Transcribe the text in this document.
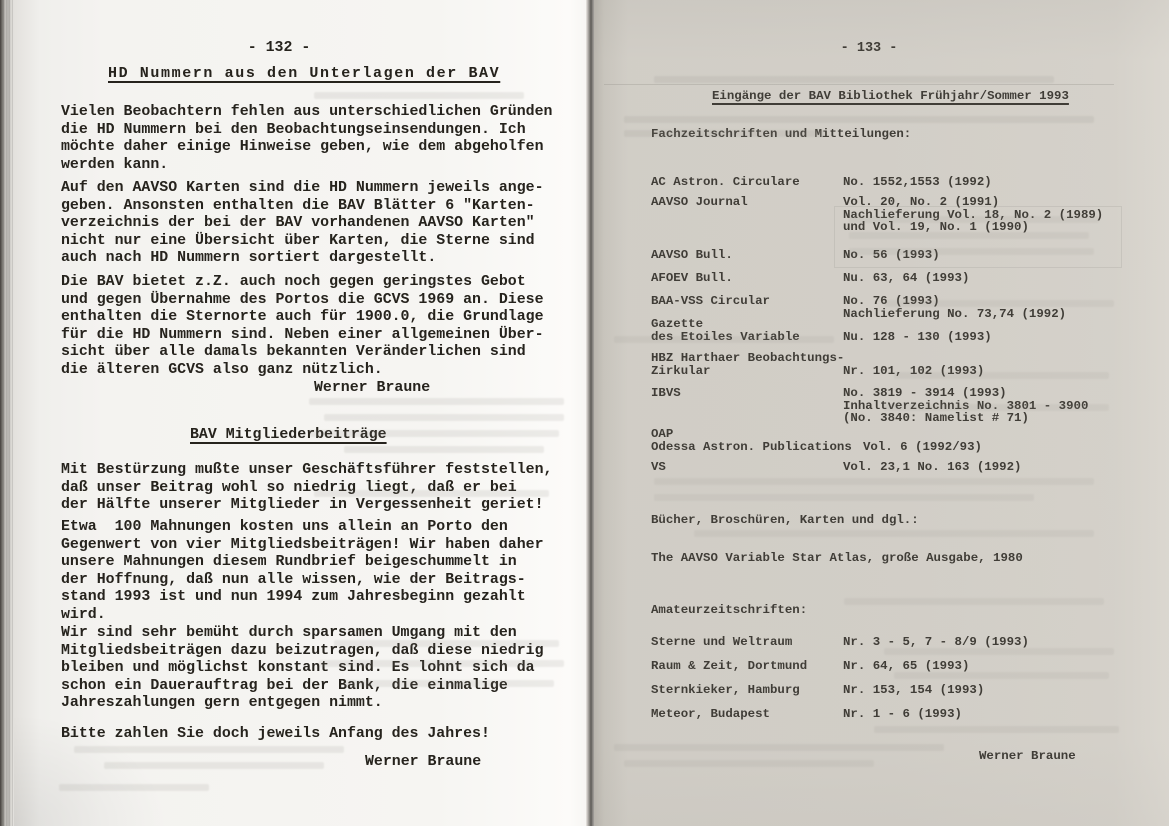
- 132 -
HD Nummern aus den Unterlagen der BAV
Vielen Beobachtern fehlen aus unterschiedlichen Gründen
die HD Nummern bei den Beobachtungseinsendungen. Ich
möchte daher einige Hinweise geben, wie dem abgeholfen
werden kann.
Auf den AAVSO Karten sind die HD Nummern jeweils ange-
geben. Ansonsten enthalten die BAV Blätter 6 "Karten-
verzeichnis der bei der BAV vorhandenen AAVSO Karten"
nicht nur eine Übersicht über Karten, die Sterne sind
auch nach HD Nummern sortiert dargestellt.
Die BAV bietet z.Z. auch noch gegen geringstes Gebot
und gegen Übernahme des Portos die GCVS 1969 an. Diese
enthalten die Sternorte auch für 1900.0, die Grundlage
für die HD Nummern sind. Neben einer allgemeinen Über-
sicht über alle damals bekannten Veränderlichen sind
die älteren GCVS also ganz nützlich.
Werner Braune
BAV Mitgliederbeiträge
Mit Bestürzung mußte unser Geschäftsführer feststellen,
daß unser Beitrag wohl so niedrig liegt, daß er bei
der Hälfte unserer Mitglieder in Vergessenheit geriet!
Etwa  100 Mahnungen kosten uns allein an Porto den
Gegenwert von vier Mitgliedsbeiträgen! Wir haben daher
unsere Mahnungen diesem Rundbrief beigeschummelt in
der Hoffnung, daß nun alle wissen, wie der Beitrags-
stand 1993 ist und nun 1994 zum Jahresbeginn gezahlt
wird.
Wir sind sehr bemüht durch sparsamen Umgang mit den
Mitgliedsbeiträgen dazu beizutragen, daß diese niedrig
bleiben und möglichst konstant sind. Es lohnt sich da
schon ein Dauerauftrag bei der Bank, die einmalige
Jahreszahlungen gern entgegen nimmt.
Bitte zahlen Sie doch jeweils Anfang des Jahres!
Werner Braune
- 133 -
Eingänge der BAV Bibliothek Frühjahr/Sommer 1993
Fachzeitschriften und Mitteilungen:
AC Astron. Circulare	No. 1552,1553 (1992)
AAVSO Journal	Vol. 20, No. 2 (1991)
Nachlieferung Vol. 18, No. 2 (1989)
und Vol. 19, No. 1 (1990)
AAVSO Bull.	No. 56 (1993)
AFOEV Bull.	Nu. 63, 64 (1993)
BAA-VSS Circular	No. 76 (1993)
Nachlieferung No. 73,74 (1992)
Gazette
des Etoiles Variable	Nu. 128 - 130 (1993)
HBZ Harthaer Beobachtungs-
Zirkular	Nr. 101, 102 (1993)
IBVS	No. 3819 - 3914 (1993)
Inhaltverzeichnis No. 3801 - 3900
(No. 3840: Namelist # 71)
OAP
Odessa Astron. Publications Vol. 6 (1992/93)
VS	Vol. 23,1 No. 163 (1992)
Bücher, Broschüren, Karten und dgl.:
The AAVSO Variable Star Atlas, große Ausgabe, 1980
Amateurzeitschriften:
Sterne und Weltraum	Nr. 3 - 5, 7 - 8/9 (1993)
Raum & Zeit, Dortmund	Nr. 64, 65 (1993)
Sternkieker, Hamburg	Nr. 153, 154 (1993)
Meteor, Budapest	Nr. 1 - 6 (1993)
Werner Braune
